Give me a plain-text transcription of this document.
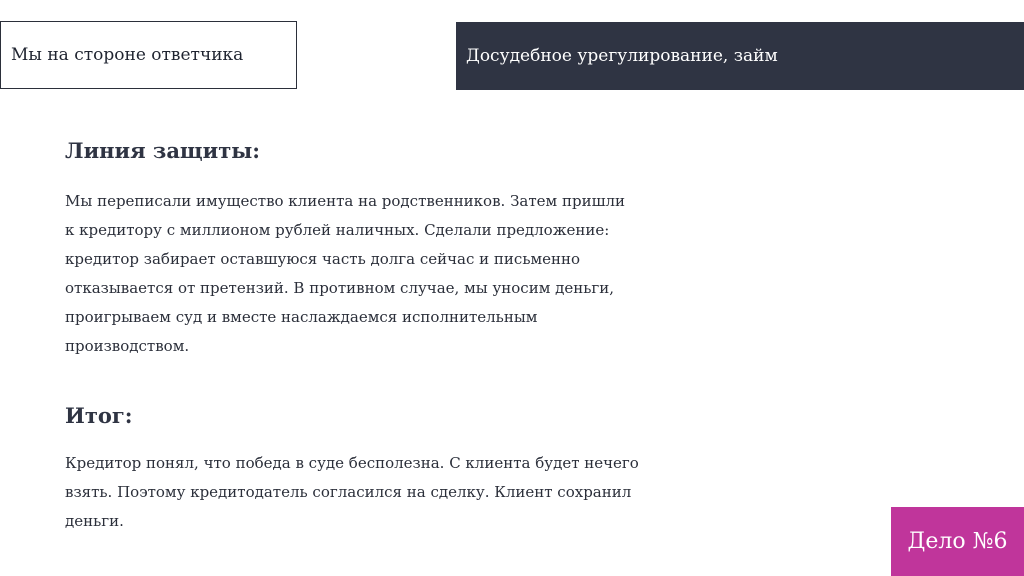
Мы на стороне ответчика	Досудебное урегулирование, займ
Линия защиты:

Мы переписали имущество клиента на родственников. Затем пришли
к кредитору с миллионом рублей наличных. Сделали предложение:
кредитор забирает оставшуюся часть долга сейчас и письменно
отказывается от претензий. В противном случае, мы уносим деньги,
проигрываем суд и вместе наслаждаемся исполнительным
производством.

Итог:

Кредитор понял, что победа в суде бесполезна. С клиента будет нечего
взять. Поэтому кредитодатель согласился на сделку. Клиент сохранил
деньги.

Дело №6
